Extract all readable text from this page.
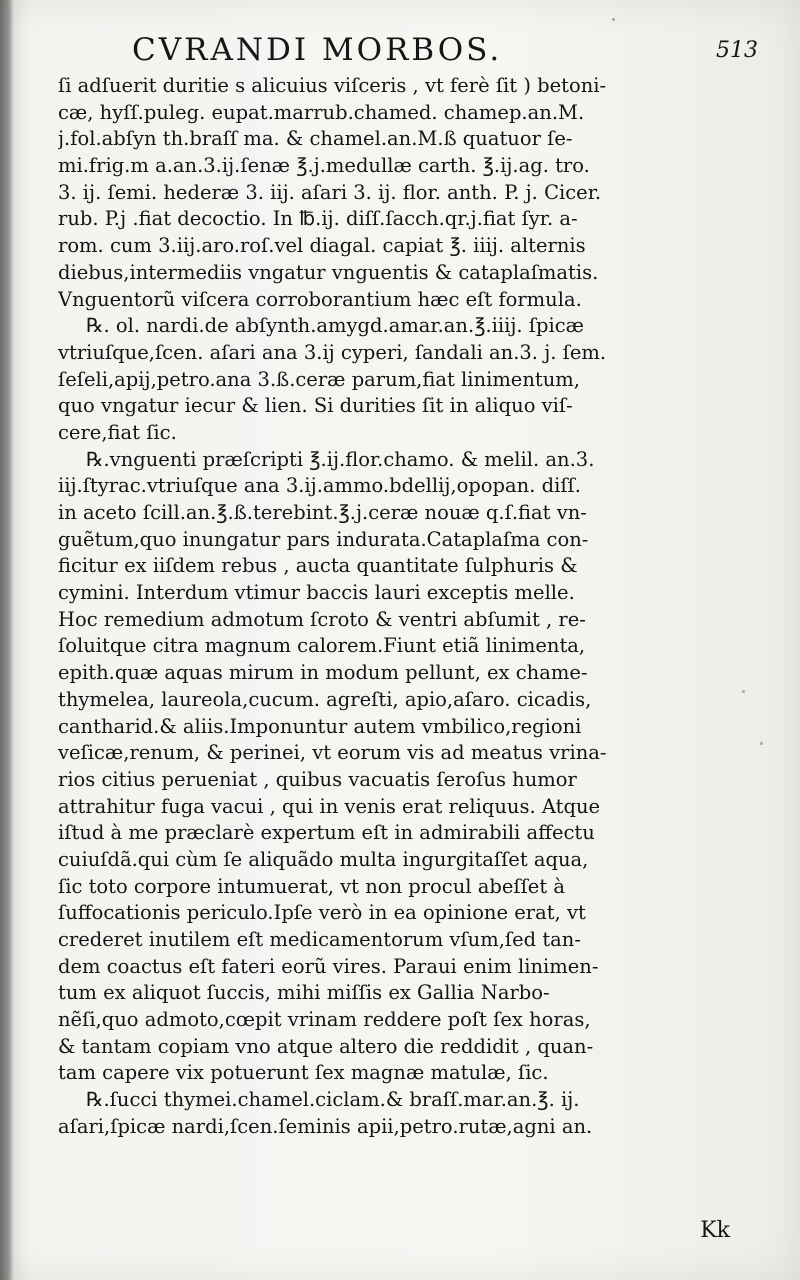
CVRANDI MORBOS.	513
ſi adſuerit duritie s alicuius viſceris , vt ferè ſit ) betoni-
cæ, hyſſ.puleg. eupat.marrub.chamed. chamep.an.M.
j.fol.abſyn th.braſſ ma. & chamel.an.M.ß quatuor ſe-
mi.frig.m a.an.3.ij.ſenæ ℥.j.medullæ carth. ℥.ij.ag. tro.
3. ij. ſemi. hederæ 3. iij. aſari 3. ij. flor. anth. P. j. Cicer.
rub. P.j .fiat decoctio. In ℔.ij. diſſ.ſacch.qr.j.fiat ſyr. a-
rom. cum 3.iij.aro.roſ.vel diagal. capiat ℥. iiij. alternis
diebus,intermediis vngatur vnguentis & cataplaſmatis.
Vnguentorũ viſcera corroborantium hæc eſt formula.
℞. ol. nardi.de abſynth.amygd.amar.an.℥.iiij. ſpicæ
vtriuſque,ſcen. aſari ana 3.ij cyperi, ſandali an.3. j. ſem.
ſeſeli,apij,petro.ana 3.ß.ceræ parum,fiat linimentum,
quo vngatur iecur & lien. Si durities ſit in aliquo viſ-
cere,fiat ſic.
℞.vnguenti præſcripti ℥.ij.flor.chamo. & melil. an.3.
iij.ſtyrac.vtriuſque ana 3.ij.ammo.bdellij,opopan. diſſ.
in aceto ſcill.an.℥.ß.terebint.℥.j.ceræ nouæ q.ſ.fiat vn-
guẽtum,quo inungatur pars indurata.Cataplaſma con-
ficitur ex iiſdem rebus , aucta quantitate ſulphuris &
cymini. Interdum vtimur baccis lauri exceptis melle.
Hoc remedium admotum ſcroto & ventri abſumit , re-
ſoluitque citra magnum calorem.Fiunt etiã linimenta,
epith.quæ aquas mirum in modum pellunt, ex chame-
thymelea, laureola,cucum. agreſti, apio,aſaro. cicadis,
cantharid.& aliis.Imponuntur autem vmbilico,regioni
veſicæ,renum, & perinei, vt eorum vis ad meatus vrina-
rios citius perueniat , quibus vacuatis ſeroſus humor
attrahitur fuga vacui , qui in venis erat reliquus. Atque
iſtud à me præclarè expertum eſt in admirabili affectu
cuiuſdã.qui cùm ſe aliquãdo multa ingurgitaſſet aqua,
ſic toto corpore intumuerat, vt non procul abeſſet à
ſuffocationis periculo.Ipſe verò in ea opinione erat, vt
crederet inutilem eſt medicamentorum vſum,ſed tan-
dem coactus eſt fateri eorũ vires. Paraui enim linimen-
tum ex aliquot ſuccis, mihi miſſis ex Gallia Narbo-
nẽſi,quo admoto,cœpit vrinam reddere poſt ſex horas,
& tantam copiam vno atque altero die reddidit , quan-
tam capere vix potuerunt ſex magnæ matulæ, ſic.
℞.ſucci thymei.chamel.ciclam.& braſſ.mar.an.℥. ij.
aſari,ſpicæ nardi,ſcen.ſeminis apii,petro.rutæ,agni an.
Kk
